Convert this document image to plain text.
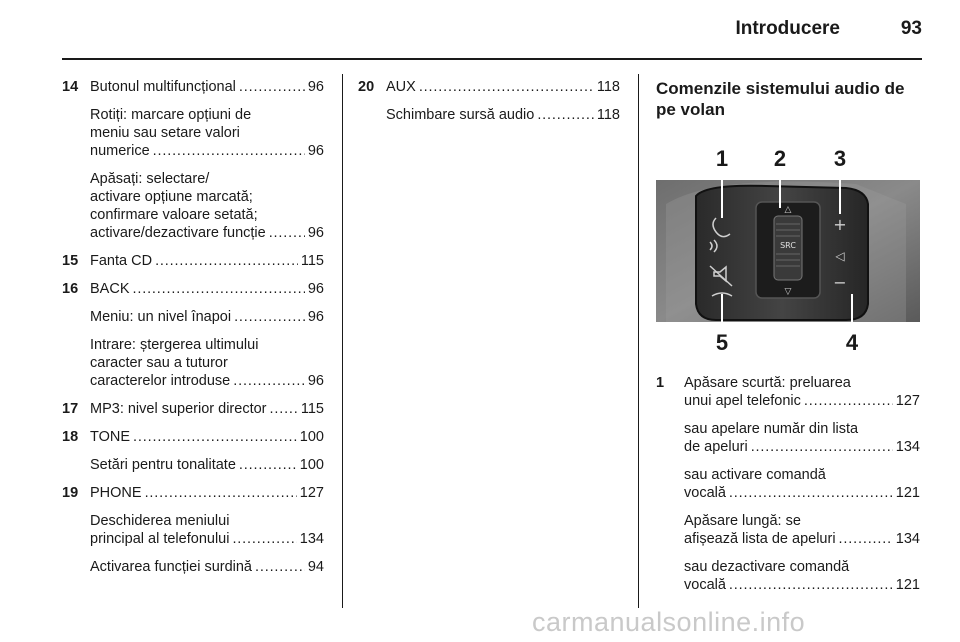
Introducere	93
14 Butonul multifuncțional . . .	96
Rotiți: marcare opțiuni de
meniu sau setare valori
numerice . . .	96
Apăsați: selectare/
activare opțiune marcată;
confirmare valoare setată;
activare/dezactivare funcție . . .	96
15 Fanta CD . . .	115
16 BACK . . .	96
Meniu: un nivel înapoi . . .	96
Intrare: ștergerea ultimului
caracter sau a tuturor
caracterelor introduse . . .	96
17 MP3: nivel superior director . . . 115
18 TONE . . .	100
Setări pentru tonalitate . . .	100
19 PHONE . . .	127
Deschiderea meniului
principal al telefonului . . .	134
Activarea funcției surdină . . .	94
20 AUX . . .	118
Schimbare sursă audio . . .	118
Comenzile sistemului audio de
pe volan
SRC
△
▽
+
◁
−
1 2 3
4
5
1 Apăsare scurtă: preluarea
unui apel telefonic . . .	127
sau apelare număr din lista
de apeluri . . .	134
sau activare comandă
vocală . . .	121
Apăsare lungă: se
afișează lista de apeluri . . .	134
sau dezactivare comandă
vocală . . .	121
carmanualsonline.info
